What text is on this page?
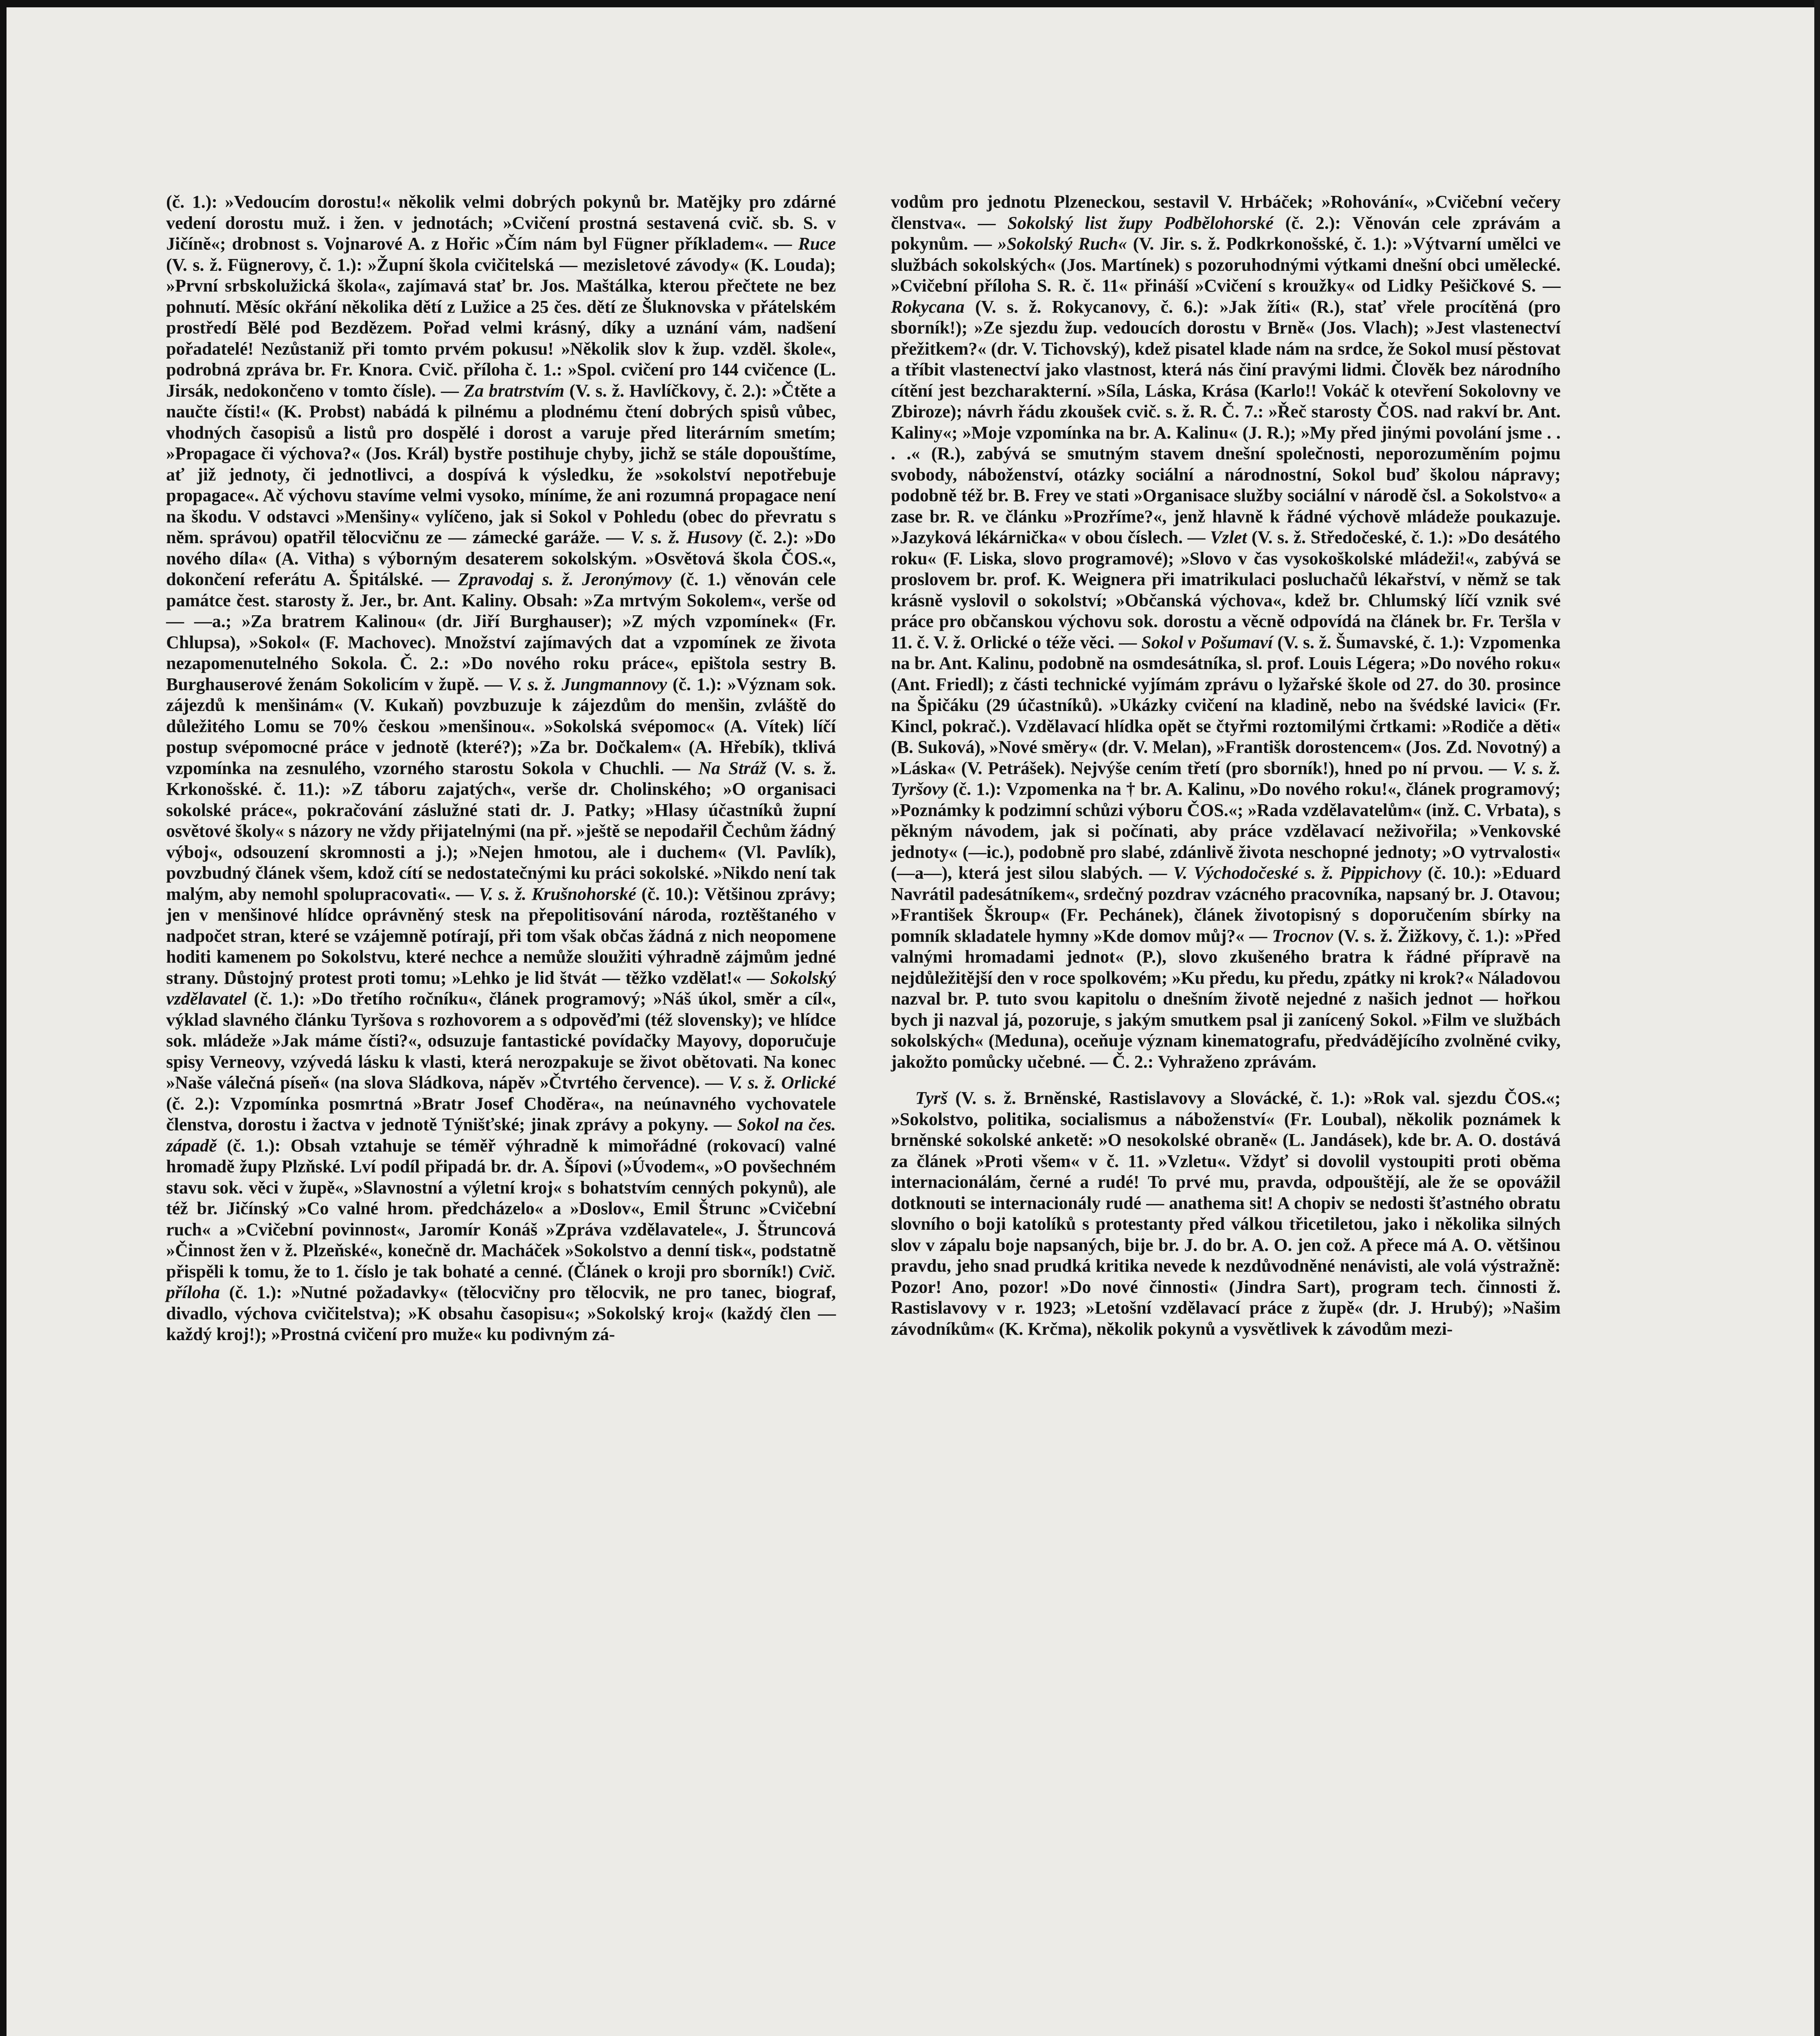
(č. 1.): »Vedoucím dorostu!« několik velmi dobrých pokynů br. Matějky pro zdárné vedení dorostu muž. i žen. v jednotách; »Cvičení prostná sestavená cvič. sb. S. v Jičíně«; drobnost s. Vojnarové A. z Hořic »Čím nám byl Fügner příkladem«. — Ruce (V. s. ž. Fügnerovy, č. 1.): »Župní škola cvičitelská — mezisletové závody« (K. Louda); »První srbskolužická škola«, zajímavá stať br. Jos. Maštálka, kterou přečtete ne bez pohnutí. Měsíc okřání několika dětí z Lužice a 25 čes. dětí ze Šluknovska v přátelském prostředí Bělé pod Bezdězem. Pořad velmi krásný, díky a uznání vám, nadšení pořadatelé! Nezůstaniž při tomto prvém pokusu! »Několik slov k žup. vzděl. škole«, podrobná zpráva br. Fr. Knora. Cvič. příloha č. 1.: »Spol. cvičení pro 144 cvičence (L. Jirsák, nedokončeno v tomto čísle). — Za bratrstvím (V. s. ž. Havlíčkovy, č. 2.): »Čtěte a naučte čísti!« (K. Probst) nabádá k pilnému a plodnému čtení dobrých spisů vůbec, vhodných časopisů a listů pro dospělé i dorost a varuje před literárním smetím; »Propagace či výchova?« (Jos. Král) bystře postihuje chyby, jichž se stále dopouštíme, ať již jednoty, či jednotlivci, a dospívá k výsledku, že »sokolství nepotřebuje propagace«. Ač výchovu stavíme velmi vysoko, míníme, že ani rozumná propagace není na škodu. V odstavci »Menšiny« vylíčeno, jak si Sokol v Pohledu (obec do převratu s něm. správou) opatřil tělocvičnu ze — zámecké garáže. — V. s. ž. Husovy (č. 2.): »Do nového díla« (A. Vitha) s výborným desaterem sokolským. »Osvětová škola ČOS.«, dokončení referátu A. Špitálské. — Zpravodaj s. ž. Jeronýmovy (č. 1.) věnován cele památce čest. starosty ž. Jer., br. Ant. Kaliny. Obsah: »Za mrtvým Sokolem«, verše od — —a.; »Za bratrem Kalinou« (dr. Jiří Burghauser); »Z mých vzpomínek« (Fr. Chlupsa), »Sokol« (F. Machovec). Množství zajímavých dat a vzpomínek ze života nezapomenutelného Sokola. Č. 2.: »Do nového roku práce«, epištola sestry B. Burghauserové ženám Sokolicím v župě. — V. s. ž. Jungmannovy (č. 1.): »Význam sok. zájezdů k menšinám« (V. Kukaň) povzbuzuje k zájezdům do menšin, zvláště do důležitého Lomu se 70% českou »menšinou«. »Sokolská svépomoc« (A. Vítek) líčí postup svépomocné práce v jednotě (které?); »Za br. Dočkalem« (A. Hřebík), tklivá vzpomínka na zesnulého, vzorného starostu Sokola v Chuchli. — Na Stráž (V. s. ž. Krkonošské. č. 11.): »Z táboru zajatých«, verše dr. Cholinského; »O organisaci sokolské práce«, pokračování záslužné stati dr. J. Patky; »Hlasy účastníků župní osvětové školy« s názory ne vždy přijatelnými (na př. »ještě se nepodařil Čechům žádný výboj«, odsouzení skromnosti a j.); »Nejen hmotou, ale i duchem« (Vl. Pavlík), povzbudný článek všem, kdož cítí se nedostatečnými ku práci sokolské. »Nikdo není tak malým, aby nemohl spolupracovati«. — V. s. ž. Krušnohorské (č. 10.): Většinou zprávy; jen v menšinové hlídce oprávněný stesk na přepolitisování národa, roztěštaného v nadpočet stran, které se vzájemně potírají, při tom však občas žádná z nich neopomene hoditi kamenem po Sokolstvu, které nechce a nemůže sloužiti výhradně zájmům jedné strany. Důstojný protest proti tomu; »Lehko je lid štvát — těžko vzdělat!« — Sokolský vzdělavatel (č. 1.): »Do třetího ročníku«, článek programový; »Náš úkol, směr a cíl«, výklad slavného článku Tyršova s rozhovorem a s odpověďmi (též slovensky); ve hlídce sok. mládeže »Jak máme čísti?«, odsuzuje fantastické povídačky Mayovy, doporučuje spisy Verneovy, vzývedá lásku k vlasti, která nerozpakuje se život obětovati. Na konec »Naše válečná píseň« (na slova Sládkova, nápěv »Čtvrtého července). — V. s. ž. Orlické (č. 2.): Vzpomínka posmrtná »Bratr Josef Choděra«, na neúnavného vychovatele členstva, dorostu i žactva v jednotě Týnišťské; jinak zprávy a pokyny. — Sokol na čes. západě (č. 1.): Obsah vztahuje se téměř výhradně k mimořádné (rokovací) valné hromadě župy Plzňské. Lví podíl připadá br. dr. A. Šípovi (»Úvodem«, »O povšechném stavu sok. věci v župě«, »Slavnostní a výletní kroj« s bohatstvím cenných pokynů), ale též br. Jičínský »Co valné hrom. předcházelo« a »Doslov«, Emil Štrunc »Cvičební ruch« a »Cvičební povinnost«, Jaromír Konáš »Zpráva vzdělavatele«, J. Štruncová »Činnost žen v ž. Plzeňské«, konečně dr. Macháček »Sokolstvo a denní tisk«, podstatně přispěli k tomu, že to 1. číslo je tak bohaté a cenné. (Článek o kroji pro sborník!) Cvič. příloha (č. 1.): »Nutné požadavky« (tělocvičny pro tělocvik, ne pro tanec, biograf, divadlo, výchova cvičitelstva); »K obsahu časopisu«; »Sokolský kroj« (každý člen — každý kroj!); »Prostná cvičení pro muže« ku podivným zá-

vodům pro jednotu Plzeneckou, sestavil V. Hrbáček; »Rohování«, »Cvičební večery členstva«. — Sokolský list župy Podbělohorské (č. 2.): Věnován cele zprávám a pokynům. — »Sokolský Ruch« (V. Jir. s. ž. Podkrkonošské, č. 1.): »Výtvarní umělci ve službách sokolských« (Jos. Martínek) s pozoruhodnými výtkami dnešní obci umělecké. »Cvičební příloha S. R. č. 11« přináší »Cvičení s kroužky« od Lidky Pešičkové S. — Rokycana (V. s. ž. Rokycanovy, č. 6.): »Jak žíti« (R.), stať vřele procítěná (pro sborník!); »Ze sjezdu žup. vedoucích dorostu v Brně« (Jos. Vlach); »Jest vlastenectví přežitkem?« (dr. V. Tichovský), kdež pisatel klade nám na srdce, že Sokol musí pěstovat a tříbit vlastenectví jako vlastnost, která nás činí pravými lidmi. Člověk bez národního cítění jest bezcharakterní. »Síla, Láska, Krása (Karlo!! Vokáč k otevření Sokolovny ve Zbiroze); návrh řádu zkoušek cvič. s. ž. R. Č. 7.: »Řeč starosty ČOS. nad rakví br. Ant. Kaliny«; »Moje vzpomínka na br. A. Kalinu« (J. R.); »My před jinými povolání jsme . . . .« (R.), zabývá se smutným stavem dnešní společnosti, neporozuměním pojmu svobody, náboženství, otázky sociální a národnostní, Sokol buď školou nápravy; podobně též br. B. Frey ve stati »Organisace služby sociální v národě čsl. a Sokolstvo« a zase br. R. ve článku »Prozříme?«, jenž hlavně k řádné výchově mládeže poukazuje. »Jazyková lékárnička« v obou číslech. — Vzlet (V. s. ž. Středočeské, č. 1.): »Do desátého roku« (F. Liska, slovo programové); »Slovo v čas vysokoškolské mládeži!«, zabývá se proslovem br. prof. K. Weignera při imatrikulaci posluchačů lékařství, v němž se tak krásně vyslovil o sokolství; »Občanská výchova«, kdež br. Chlumský líčí vznik své práce pro občanskou výchovu sok. dorostu a věcně odpovídá na článek br. Fr. Teršla v 11. č. V. ž. Orlické o téže věci. — Sokol v Pošumaví (V. s. ž. Šumavské, č. 1.): Vzpomenka na br. Ant. Kalinu, podobně na osmdesátníka, sl. prof. Louis Légera; »Do nového roku« (Ant. Friedl); z části technické vyjímám zprávu o lyžařské škole od 27. do 30. prosince na Špičáku (29 účastníků). »Ukázky cvičení na kladině, nebo na švédské lavici« (Fr. Kincl, pokrač.). Vzdělavací hlídka opět se čtyřmi roztomilými črtkami: »Rodiče a děti« (B. Suková), »Nové směry« (dr. V. Melan), »Františk dorostencem« (Jos. Zd. Novotný) a »Láska« (V. Petrášek). Nejvýše cením třetí (pro sborník!), hned po ní prvou. — V. s. ž. Tyršovy (č. 1.): Vzpomenka na † br. A. Kalinu, »Do nového roku!«, článek programový; »Poznámky k podzimní schůzi výboru ČOS.«; »Rada vzdělavatelům« (inž. C. Vrbata), s pěkným návodem, jak si počínati, aby práce vzdělavací neživořila; »Venkovské jednoty« (—ic.), podobně pro slabé, zdánlivě života neschopné jednoty; »O vytrvalosti« (—a—), která jest silou slabých. — V. Východočeské s. ž. Pippichovy (č. 10.): »Eduard Navrátil padesátníkem«, srdečný pozdrav vzácného pracovníka, napsaný br. J. Otavou; »František Škroup« (Fr. Pechánek), článek životopisný s doporučením sbírky na pomník skladatele hymny »Kde domov můj?« — Trocnov (V. s. ž. Žižkovy, č. 1.): »Před valnými hromadami jednot« (P.), slovo zkušeného bratra k řádné přípravě na nejdůležitější den v roce spolkovém; »Ku předu, ku předu, zpátky ni krok?« Náladovou nazval br. P. tuto svou kapitolu o dnešním životě nejedné z našich jednot — hořkou bych ji nazval já, pozoruje, s jakým smutkem psal ji zanícený Sokol. »Film ve službách sokolských« (Meduna), oceňuje význam kinematografu, předvádějícího zvolněné cviky, jakožto pomůcky učebné. — Č. 2.: Vyhraženo zprávám.

Tyrš (V. s. ž. Brněnské, Rastislavovy a Slovácké, č. 1.): »Rok val. sjezdu ČOS.«; »Sokolstvo, politika, socialismus a náboženství« (Fr. Loubal), několik poznámek k brněnské sokolské anketě: »O nesokolské obraně« (L. Jandásek), kde br. A. O. dostává za článek »Proti všem« v č. 11. »Vzletu«. Vždyť si dovolil vystoupiti proti oběma internacionálám, černé a rudé! To prvé mu, pravda, odpouštějí, ale že se opovážil dotknouti se internacionály rudé — anathema sit! A chopiv se nedosti šťastného obratu slovního o boji katolíků s protestanty před válkou třicetiletou, jako i několika silných slov v zápalu boje napsaných, bije br. J. do br. A. O. jen což. A přece má A. O. většinou pravdu, jeho snad prudká kritika nevede k nezdůvodněné nenávisti, ale volá výstražně: Pozor! Ano, pozor! »Do nové činnosti« (Jindra Sart), program tech. činnosti ž. Rastislavovy v r. 1923; »Letošní vzdělavací práce z župě« (dr. J. Hrubý); »Našim závodníkům« (K. Krčma), několik pokynů a vysvětlivek k závodům mezi-
